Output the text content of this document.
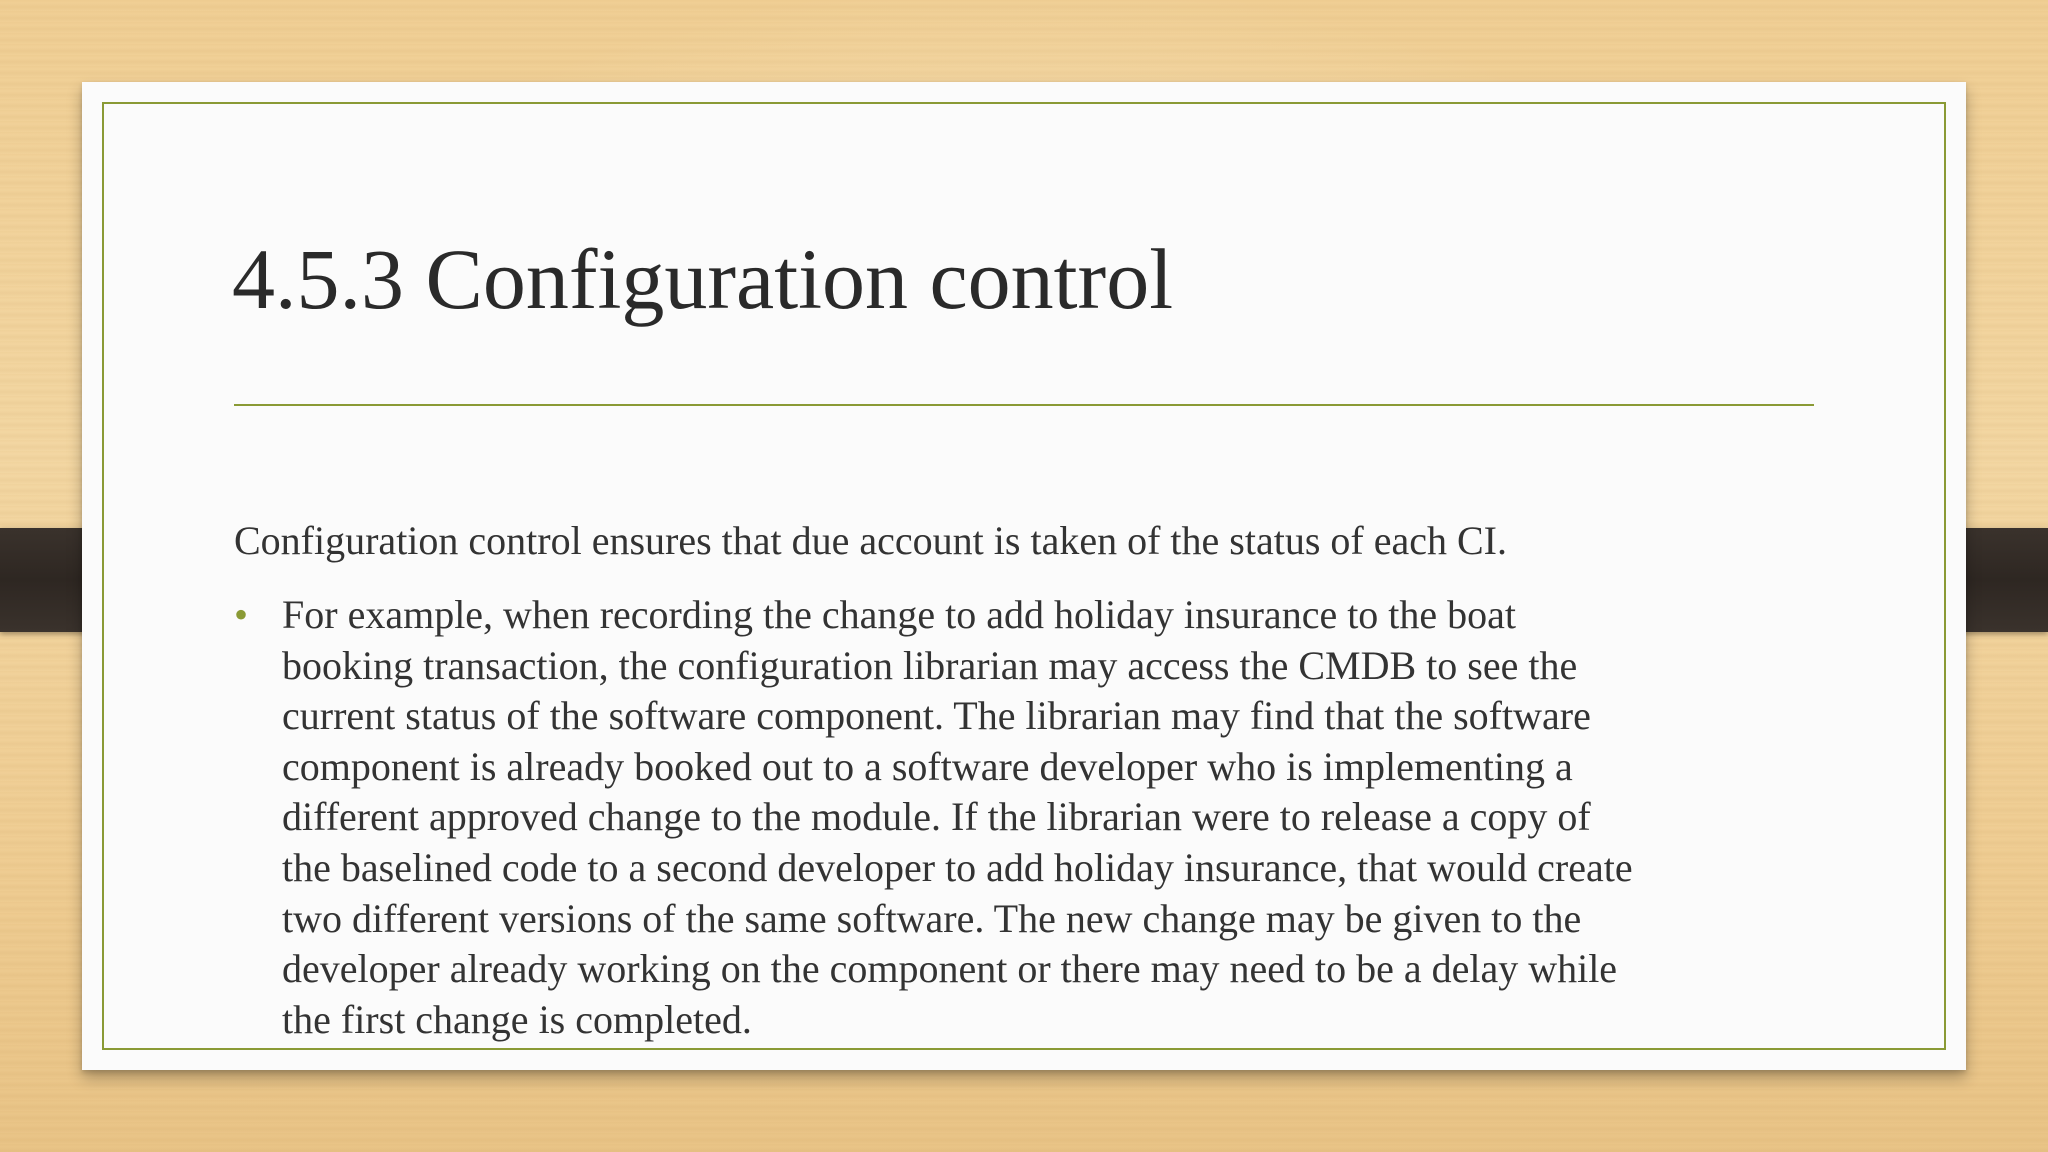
4.5.3 Configuration control

Configuration control ensures that due account is taken of the status of each CI.

• For example, when recording the change to add holiday insurance to the boat
booking transaction, the configuration librarian may access the CMDB to see the
current status of the software component. The librarian may find that the software
component is already booked out to a software developer who is implementing a
different approved change to the module. If the librarian were to release a copy of
the baselined code to a second developer to add holiday insurance, that would create
two different versions of the same software. The new change may be given to the
developer already working on the component or there may need to be a delay while
the first change is completed.
